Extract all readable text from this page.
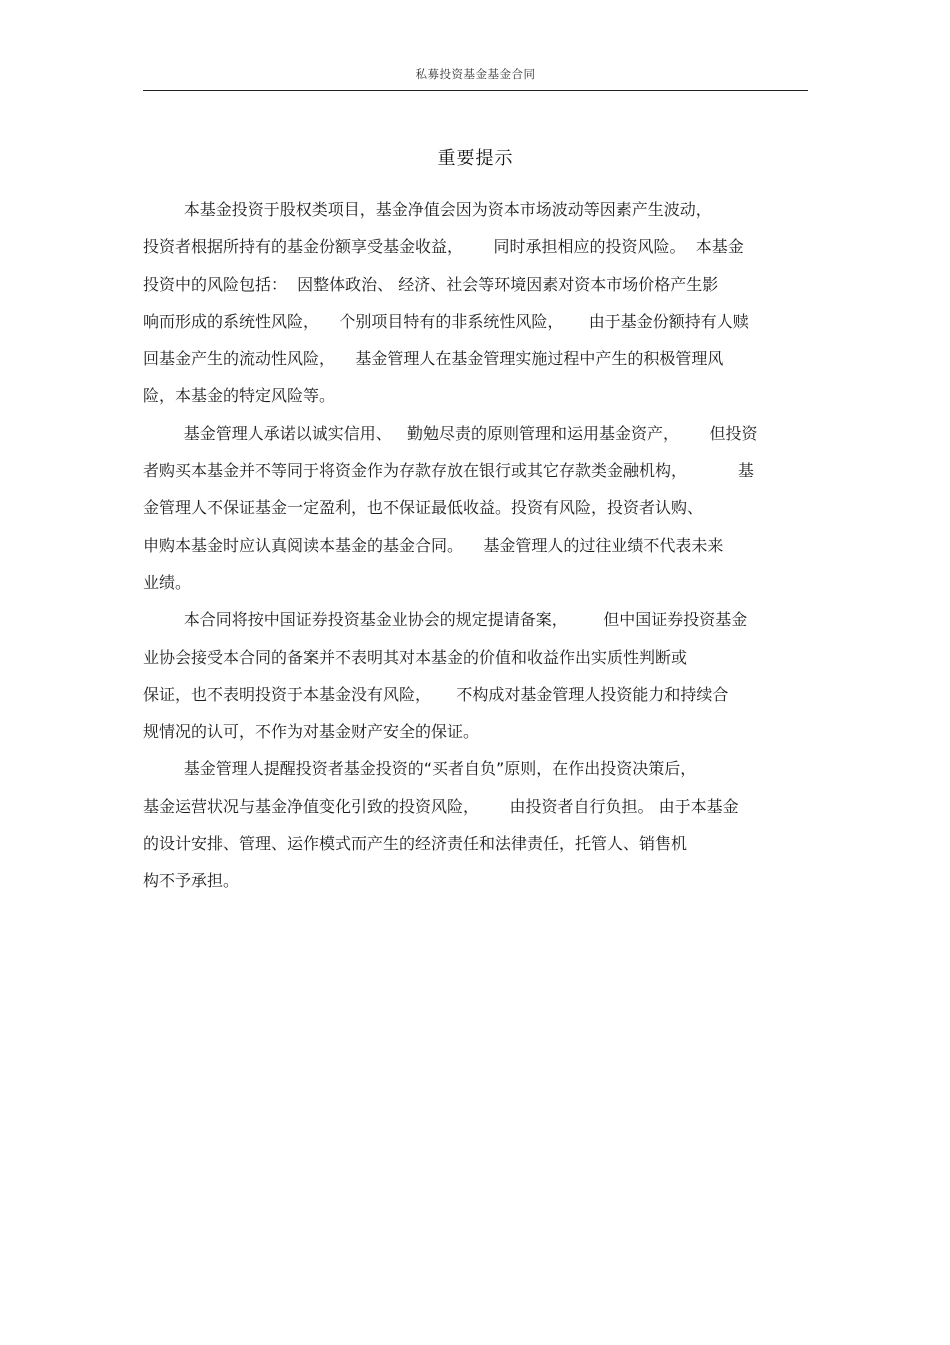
私募投资基金基金合同
重要提示
本基金投资于股权类项目，基金净值会因为资本市场波动等因素产生波动，
投资者根据所持有的基金份额享受基金收益，      同时承担相应的投资风险。  本基金
投资中的风险包括：  因整体政治、 经济、社会等环境因素对资本市场价格产生影
响而形成的系统性风险，    个别项目特有的非系统性风险，     由于基金份额持有人赎
回基金产生的流动性风险，    基金管理人在基金管理实施过程中产生的积极管理风
险，本基金的特定风险等。
基金管理人承诺以诚实信用、   勤勉尽责的原则管理和运用基金资产，      但投资
者购买本基金并不等同于将资金作为存款存放在银行或其它存款类金融机构，          基
金管理人不保证基金一定盈利，也不保证最低收益。投资有风险，投资者认购、
申购本基金时应认真阅读本基金的基金合同。    基金管理人的过往业绩不代表未来
业绩。
本合同将按中国证券投资基金业协会的规定提请备案，       但中国证券投资基金
业协会接受本合同的备案并不表明其对本基金的价值和收益作出实质性判断或
保证，也不表明投资于本基金没有风险，     不构成对基金管理人投资能力和持续合
规情况的认可，不作为对基金财产安全的保证。
基金管理人提醒投资者基金投资的“买者自负”原则，在作出投资决策后，
基金运营状况与基金净值变化引致的投资风险，      由投资者自行负担。 由于本基金
的设计安排、管理、运作模式而产生的经济责任和法律责任，托管人、销售机
构不予承担。
